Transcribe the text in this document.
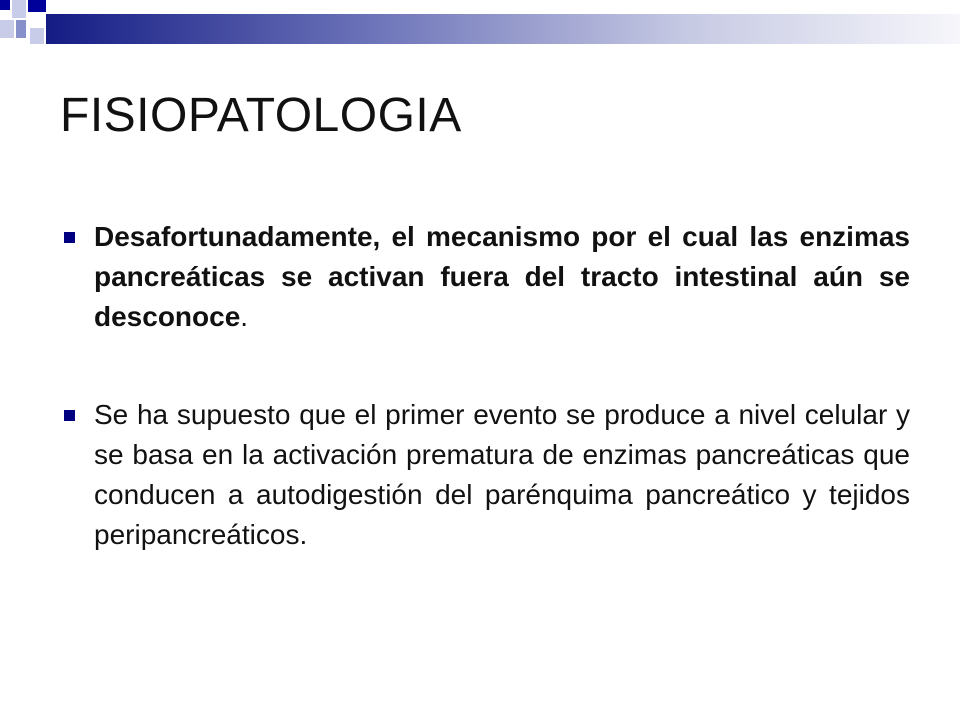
FISIOPATOLOGIA
Desafortunadamente, el mecanismo por el cual las enzimas pancreáticas se activan fuera del tracto intestinal aún se desconoce.
Se ha supuesto que el primer evento se produce a nivel celular y se basa en la activación prematura de enzimas pancreáticas que conducen a autodigestión del parénquima pancreático y tejidos peripancreáticos.
